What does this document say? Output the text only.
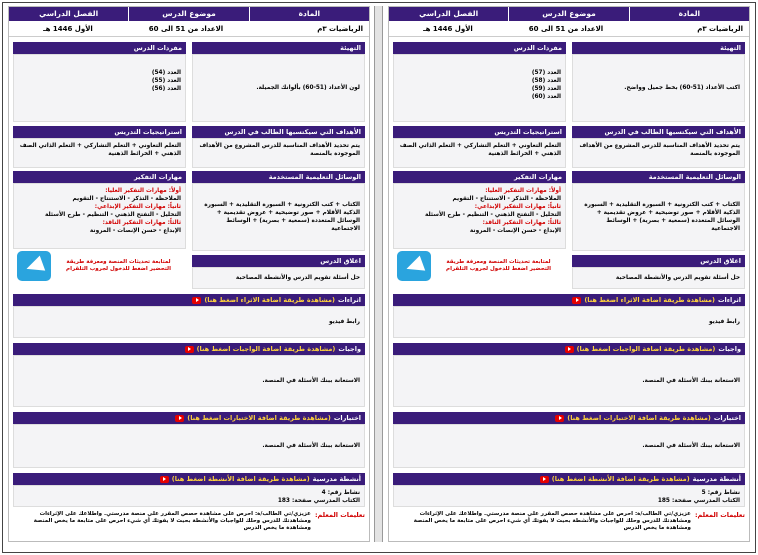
المادة
موضوع الدرس
الفصل الدراسي
الرياضيات ٣م
الاعداد من 51 الى 60
الأول 1446 هـ
التهيئة
اكتب الأعداد (51-60) بخط جميل وواضح.
مفردات الدرس
العدد (57)
العدد (58)
العدد (59)
العدد (60)
الأهداف التي سيكتسبها الطالب في الدرس
يتم تحديد الأهداف المناسبة للدرس المشروع من الأهداف الموجودة بالمنصة
استراتيجيات التدريس
التعلم التعاوني + التعلم التشاركي + التعلم الذاتي الصف الذهني + الخرائط الذهنية
الوسائل التعليمية المستخدمة
الكتاب + كتب الكترونية + السبورة التقليدية + السبورة الذكية الأقلام + صور توضيحية + عروض تقديمية + الوسائل المتعددة (سمعية + بصرية) + الوسائط الاجتماعية
اغلاق الدرس
حل أسئلة تقويم الدرس والأنشطة المصاحبة
مهارات التفكير
أولاً: مهارات التفكير العليا:
الملاحظة - التذكر - الاستنتاج - التقويم
ثانياً: مهارات التفكير الإبداعي:
التحليل - التفتح الذهني - التنظيم - طرح الأسئلة
ثالثاً: مهارات التفكير الناقد:
الإبداع - حسن الإنصات - المرونة
لمتابعة تحديثات المنصة ومعرفة طريقة التحضير اضغط للدخول لجروب التلقرام
اثراءات
(مشاهدة طريقة اضافة الاثراء اضغط هنا)
رابط فيديو
واجبات
(مشاهدة طريقة اضافة الواجبات اضغط هنا)
الاستعانة ببنك الأسئلة في المنصة.
اختبارات
(مشاهدة طريقة اضافة الاختبارات اضغط هنا)
الاستعانة ببنك الأسئلة في المنصة.
أنشطة مدرسية
(مشاهدة طريقة اضافة الأنشطة اضغط هنا)
نشاط رقم: 5
الكتاب المدرسي صفحة: 185
تعليمات المعلم:
عزيزي/تي الطالب/ة: احرص على مشاهدة حصص المقرر على منصة مدرستي. واطلاعك على الإثراءات ومشاهدتك للدرس وحلك للواجبات والأنشطة بحيث لا يفوتك أي شيء احرص على متابعة ما يخص المنصة ومشاهدة ما يخص الدرس
المادة
موضوع الدرس
الفصل الدراسي
الرياضيات ٣م
الاعداد من 51 الى 60
الأول 1446 هـ
التهيئة
لون الأعداد (51-60) بألوانك الجميلة.
مفردات الدرس
العدد (54)
العدد (55)
العدد (56)
الأهداف التي سيكتسبها الطالب في الدرس
يتم تحديد الأهداف المناسبة للدرس المشروع من الأهداف الموجودة بالمنصة
استراتيجيات التدريس
التعلم التعاوني + التعلم التشاركي + التعلم الذاتي الصف الذهني + الخرائط الذهنية
الوسائل التعليمية المستخدمة
الكتاب + كتب الكترونية + السبورة التقليدية + السبورة الذكية الأقلام + صور توضيحية + عروض تقديمية + الوسائل المتعددة (سمعية + بصرية) + الوسائط الاجتماعية
اغلاق الدرس
حل أسئلة تقويم الدرس والأنشطة المصاحبة
مهارات التفكير
أولاً: مهارات التفكير العليا:
الملاحظة - التذكر - الاستنتاج - التقويم
ثانياً: مهارات التفكير الإبداعي:
التحليل - التفتح الذهني - التنظيم - طرح الأسئلة
ثالثاً: مهارات التفكير الناقد:
الإبداع - حسن الإنصات - المرونة
لمتابعة تحديثات المنصة ومعرفة طريقة التحضير اضغط للدخول لجروب التلقرام
اثراءات
(مشاهدة طريقة اضافة الاثراء اضغط هنا)
رابط فيديو
واجبات
(مشاهدة طريقة اضافة الواجبات اضغط هنا)
الاستعانة ببنك الأسئلة في المنصة.
اختبارات
(مشاهدة طريقة اضافة الاختبارات اضغط هنا)
الاستعانة ببنك الأسئلة في المنصة.
أنشطة مدرسية
(مشاهدة طريقة اضافة الأنشطة اضغط هنا)
نشاط رقم: 4
الكتاب المدرسي صفحة: 183
تعليمات المعلم:
عزيزي/تي الطالب/ة: احرص على مشاهدة حصص المقرر على منصة مدرستي. واطلاعك على الإثراءات ومشاهدتك للدرس وحلك للواجبات والأنشطة بحيث لا يفوتك أي شيء احرص على متابعة ما يخص المنصة ومشاهدة ما يخص الدرس
